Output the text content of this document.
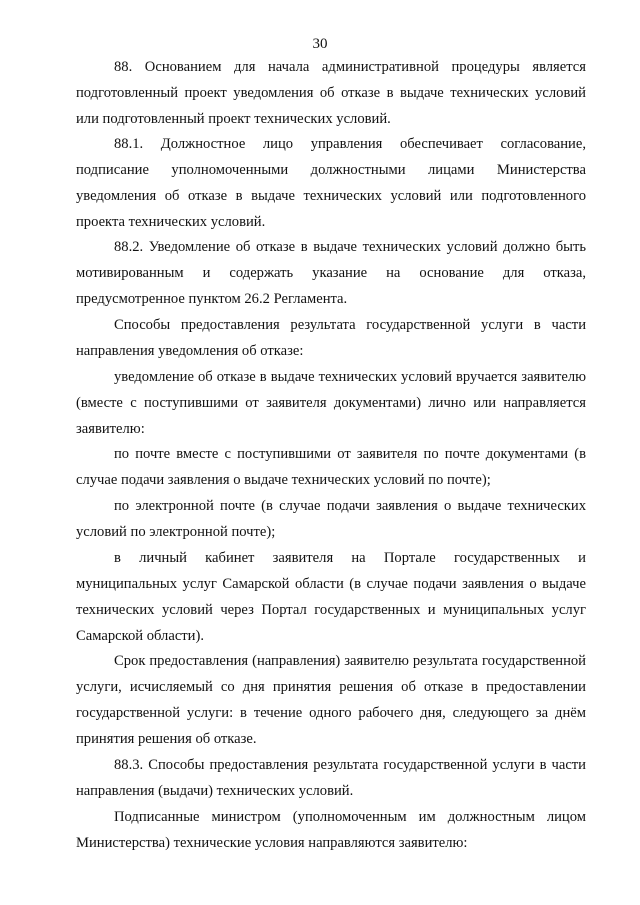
30

88. Основанием для начала административной процедуры является подготовленный проект уведомления об отказе в выдаче технических условий или подготовленный проект технических условий.

88.1. Должностное лицо управления обеспечивает согласование, подписание уполномоченными должностными лицами Министерства уведомления об отказе в выдаче технических условий или подготовленного проекта технических условий.

88.2. Уведомление об отказе в выдаче технических условий должно быть мотивированным и содержать указание на основание для отказа, предусмотренное пунктом 26.2 Регламента.

Способы предоставления результата государственной услуги в части направления уведомления об отказе:

уведомление об отказе в выдаче технических условий вручается заявителю (вместе с поступившими от заявителя документами) лично или направляется заявителю:

по почте вместе с поступившими от заявителя по почте документами (в случае подачи заявления о выдаче технических условий по почте);

по электронной почте (в случае подачи заявления о выдаче технических условий по электронной почте);

в личный кабинет заявителя на Портале государственных и муниципальных услуг Самарской области (в случае подачи заявления о выдаче технических условий через Портал государственных и муниципальных услуг Самарской области).

Срок предоставления (направления) заявителю результата государственной услуги, исчисляемый со дня принятия решения об отказе в предоставлении государственной услуги: в течение одного рабочего дня, следующего за днём принятия решения об отказе.

88.3. Способы предоставления результата государственной услуги в части направления (выдачи) технических условий.

Подписанные министром (уполномоченным им должностным лицом Министерства) технические условия направляются заявителю:
